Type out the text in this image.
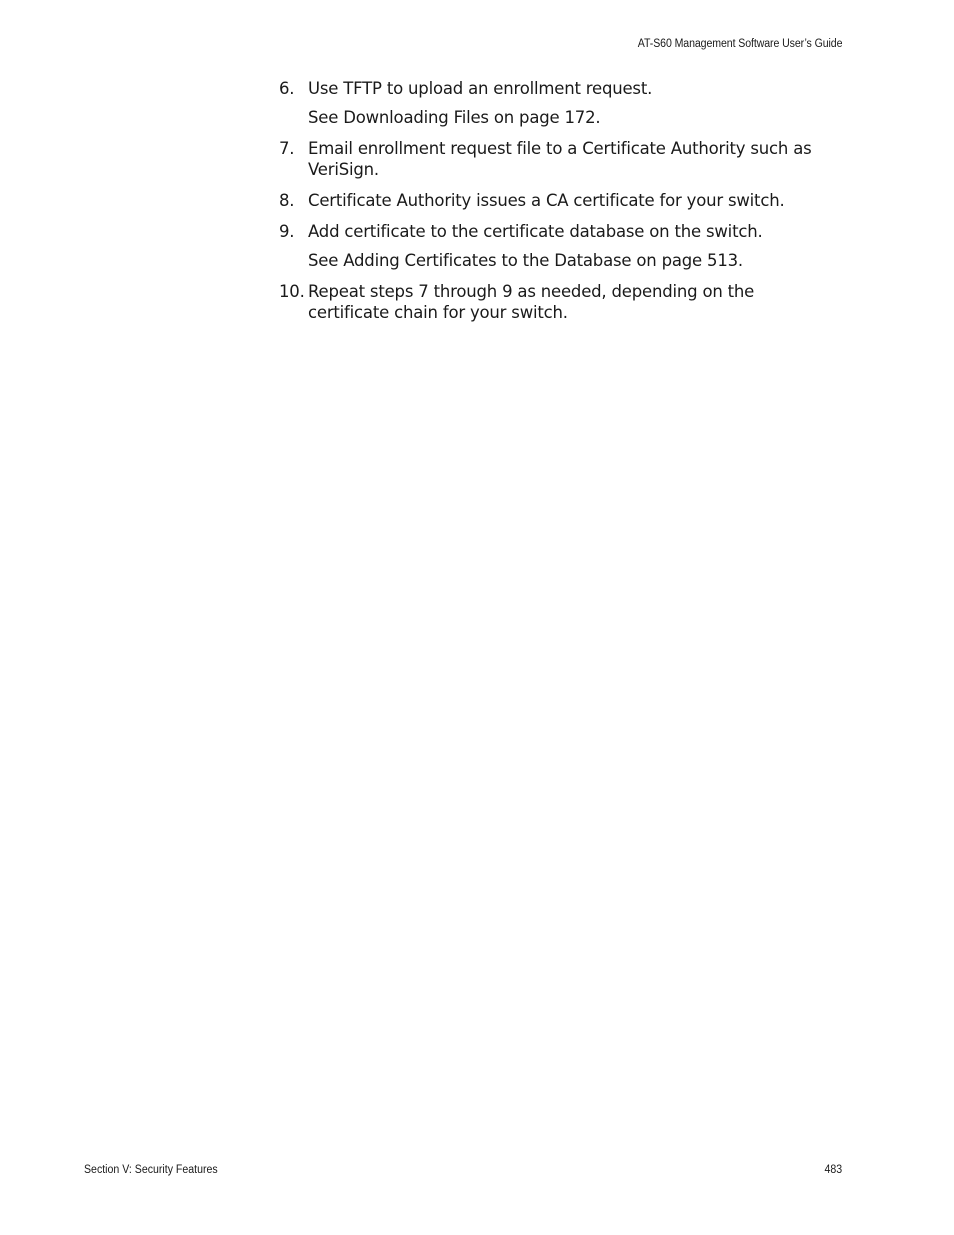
AT-S60 Management Software User’s Guide
6. Use TFTP to upload an enrollment request.
See Downloading Files on page 172.
7. Email enrollment request file to a Certificate Authority such as VeriSign.
8. Certificate Authority issues a CA certificate for your switch.
9. Add certificate to the certificate database on the switch.
See Adding Certificates to the Database on page 513.
10. Repeat steps 7 through 9 as needed, depending on the certificate chain for your switch.
Section V: Security Features	483
